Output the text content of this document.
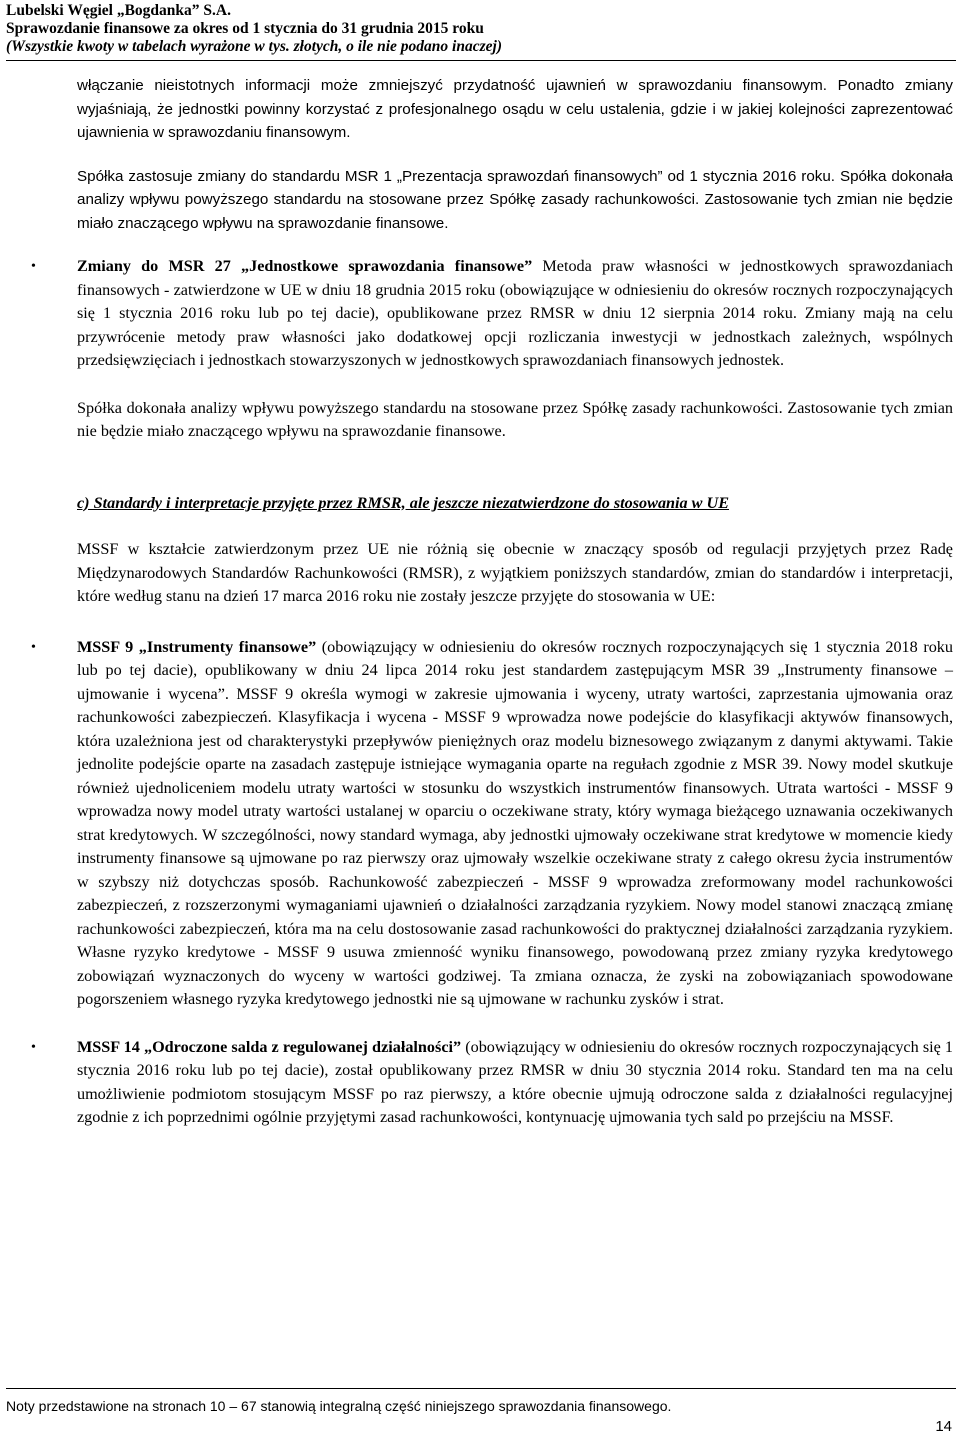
Lubelski Węgiel „Bogdanka” S.A.
Sprawozdanie finansowe za okres od 1 stycznia do 31 grudnia 2015 roku
(Wszystkie kwoty w tabelach wyrażone w tys. złotych, o ile nie podano inaczej)

włączanie nieistotnych informacji może zmniejszyć przydatność ujawnień w sprawozdaniu finansowym. Ponadto zmiany wyjaśniają, że jednostki powinny korzystać z profesjonalnego osądu w celu ustalenia, gdzie i w jakiej kolejności zaprezentować ujawnienia w sprawozdaniu finansowym.

Spółka zastosuje zmiany do standardu MSR 1 „Prezentacja sprawozdań finansowych” od 1 stycznia 2016 roku. Spółka dokonała analizy wpływu powyższego standardu na stosowane przez Spółkę zasady rachunkowości. Zastosowanie tych zmian nie będzie miało znaczącego wpływu na sprawozdanie finansowe.

•	Zmiany do MSR 27 „Jednostkowe sprawozdania finansowe” Metoda praw własności w jednostkowych sprawozdaniach finansowych - zatwierdzone w UE w dniu 18 grudnia 2015 roku (obowiązujące w odniesieniu do okresów rocznych rozpoczynających się 1 stycznia 2016 roku lub po tej dacie), opublikowane przez RMSR w dniu 12 sierpnia 2014 roku. Zmiany mają na celu przywrócenie metody praw własności jako dodatkowej opcji rozliczania inwestycji w jednostkach zależnych, wspólnych przedsięwzięciach i jednostkach stowarzyszonych w jednostkowych sprawozdaniach finansowych jednostek.

Spółka dokonała analizy wpływu powyższego standardu na stosowane przez Spółkę zasady rachunkowości. Zastosowanie tych zmian nie będzie miało znaczącego wpływu na sprawozdanie finansowe.

c) Standardy i interpretacje przyjęte przez RMSR, ale jeszcze niezatwierdzone do stosowania w UE

MSSF w kształcie zatwierdzonym przez UE nie różnią się obecnie w znaczący sposób od regulacji przyjętych przez Radę Międzynarodowych Standardów Rachunkowości (RMSR), z wyjątkiem poniższych standardów, zmian do standardów i interpretacji, które według stanu na dzień 17 marca 2016 roku nie zostały jeszcze przyjęte do stosowania w UE:

•	MSSF 9 „Instrumenty finansowe” (obowiązujący w odniesieniu do okresów rocznych rozpoczynających się 1 stycznia 2018 roku lub po tej dacie), opublikowany w dniu 24 lipca 2014 roku jest standardem zastępującym MSR 39 „Instrumenty finansowe – ujmowanie i wycena”. MSSF 9 określa wymogi w zakresie ujmowania i wyceny, utraty wartości, zaprzestania ujmowania oraz rachunkowości zabezpieczeń. Klasyfikacja i wycena - MSSF 9 wprowadza nowe podejście do klasyfikacji aktywów finansowych, która uzależniona jest od charakterystyki przepływów pieniężnych oraz modelu biznesowego związanym z danymi aktywami. Takie jednolite podejście oparte na zasadach zastępuje istniejące wymagania oparte na regułach zgodnie z MSR 39. Nowy model skutkuje również ujednoliceniem modelu utraty wartości w stosunku do wszystkich instrumentów finansowych. Utrata wartości - MSSF 9 wprowadza nowy model utraty wartości ustalanej w oparciu o oczekiwane straty, który wymaga bieżącego uznawania oczekiwanych strat kredytowych. W szczególności, nowy standard wymaga, aby jednostki ujmowały oczekiwane strat kredytowe w momencie kiedy instrumenty finansowe są ujmowane po raz pierwszy oraz ujmowały wszelkie oczekiwane straty z całego okresu życia instrumentów w szybszy niż dotychczas sposób. Rachunkowość zabezpieczeń - MSSF 9 wprowadza zreformowany model rachunkowości zabezpieczeń, z rozszerzonymi wymaganiami ujawnień o działalności zarządzania ryzykiem. Nowy model stanowi znaczącą zmianę rachunkowości zabezpieczeń, która ma na celu dostosowanie zasad rachunkowości do praktycznej działalności zarządzania ryzykiem. Własne ryzyko kredytowe - MSSF 9 usuwa zmienność wyniku finansowego, powodowaną przez zmiany ryzyka kredytowego zobowiązań wyznaczonych do wyceny w wartości godziwej. Ta zmiana oznacza, że zyski na zobowiązaniach spowodowane pogorszeniem własnego ryzyka kredytowego jednostki nie są ujmowane w rachunku zysków i strat.

•	MSSF 14 „Odroczone salda z regulowanej działalności” (obowiązujący w odniesieniu do okresów rocznych rozpoczynających się 1 stycznia 2016 roku lub po tej dacie), został opublikowany przez RMSR w dniu 30 stycznia 2014 roku. Standard ten ma na celu umożliwienie podmiotom stosującym MSSF po raz pierwszy, a które obecnie ujmują odroczone salda z działalności regulacyjnej zgodnie z ich poprzednimi ogólnie przyjętymi zasad rachunkowości, kontynuację ujmowania tych sald po przejściu na MSSF.

Noty przedstawione na stronach 10 – 67 stanowią integralną część niniejszego sprawozdania finansowego.
14
